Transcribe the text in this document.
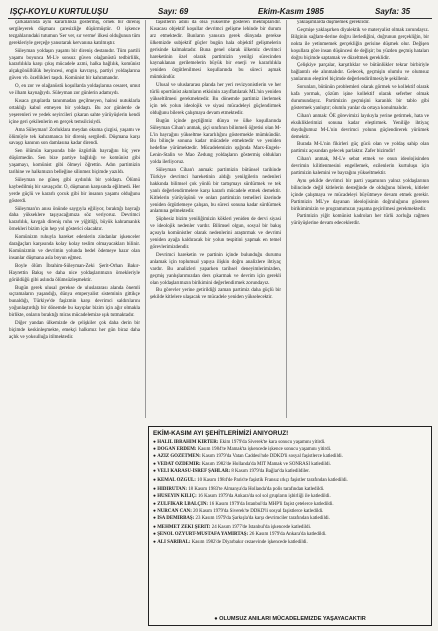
IŞÇI-KOYLU KURTULUŞU	Sayı: 69	Ekim-Kasım 1985	Sayfa: 35

çarkalarında aynı kararlılıkla göstermiş, örnek bir direniş sergileyerek düşmanı çaresizliğe düşürmüştür. O işkence tezgahlarındaki tutumun 'Ser ver, sır verme' ilkesi olduğunun tüm gerekleriyle gerçeğe yansıtarak kervanına katılmıştır.

Süleyman yoldaşın yaşamı bir direniş destanıdır. Tüm partili yaşamı boyunca M-L'e sonsuz güven olağanüstü tedbirlilik, kararlılıkla karşı çıkış mücadele azmi, halka bağlılık, komünist alçakgönüllülük beyincesi, engin kavrayış, partiyi yoldaşlarına güven vb. özellikleri taşıdı. Komünist bir kahramandır.

O, en zor ve olağanüstü koşullarda yoldaşlarına cesaret, umut ve ilham kaynağıydı. Süleyman zor günlerin adamıydı.

Kısaca gruplarda tanınmadan geçilmeyen, hainsi nutuklarla ortaklığı kabul etmeyen bir yoldaştı. Bu zor günlerde de yeşerenleri ve yedek seyircileri çıkaran sahte yürüyüşlerin kendi içine geri çekilenlerin en gerçek temsilcisiydi.

Ama Süleyman! Zorluklara meydan okuma çizgisi, yaşamı ve ölümüyle tek kahramanca bir direniş sergiledi. Düşmana karşı savaşçı kanının son damlasına kadar direndi.

Sen ölümün karşısında bile özgürlük bayrağını hiç yere düşürmedin. Sen bize partiye bağlılığı ve komünist gibi yaşamayı, komünist gibi ölmeyi öğrettin. Adın partimizin tarihine ve halkımızın belleğine silinmez biçimde yazıldı.

Süleyman ne güneş gibi aydınlık bir yoldaştı. Ölümü kaybedilmiş bir savaşçıdır. O, düşmanın karşısında eğilmedi. Her yerde güçlü ve kararlı çocuk gibi bir insanın yaşamı olduğunu gösterdi.

Süleyman'ın anısı önünde saygıyla eğiliyor, bıraktığı bayrağı daha yükseklere taşıyacağımıza söz veriyoruz. Devrimci kararlılık, kavgalı direniş ruhu ve yiğitliği, büyük kahramanlık örnekleri bizim için hep yol gösterici olacaktır.

Komünizm ruhuyla hareket edenlerin zindanlar işkenceler darağaçları karşısında kolay kolay teslim olmayacakları bilinir. Komünizmin ve devrimin yolunda bedel ödemeye hazır olan insanlar düşmana asla boyun eğmez.

Boyle ölüm İbrahim-Süleyman-Zeki Şerit-Orhan Bakır-Hayrettin Bakış ve daha nice yoldaşlarımızın örnekleriyle görüldüğü gibi aslında ölümsüzleşmektir.

Bugün gerek ulusal gerekse de uluslararası alanda önemli sıçramaların yaşandığı, dünya emperyalist sisteminin gittikçe bunaldığı, Türkiye'de faşizmin karşı devrimci saldırılarını yoğunlaştırdığı bir dönemde bu kayıplar bizim için ağır olmakla birlikte, onların bıraktığı miras mücadelemize ışık tutmaktadır.

Diğer yandan ülkemizde de çelişkiler çok daha derin bir biçimde keskinleşmekte, emekçi halkımız her gün biraz daha açlık ve yoksulluğa itilmektedir.

faşistlerin adını da olsa yükselme gösteren mektuplarıdır. Kısacası objektif koşullar devrimci gelişme lehinde bir durum arz etmektedir. Bunların yanısıra gerek dünyada gerekse ülkemizde subjektif güçler bugün hala objektif gelişmelerin gerisinde kalmaktadır. Buna genel olarak ülkemiz devrimci hareketinin özel olarak partimizin yenilgi sürecinden kaynaklanan gerilemelerin büyük bir enerji ve kararlılıkla yeniden örgütlenilmesi koşullarında bu süreci aşmak mümkündür.

Ulusal ve uluslararası planda her yeri revizyonistlerin ve her türlü oportünist akımların etkisinin zayıflatılarak ML'nin yeniden yükseltilmesi gerekmektedir. Bu dönemde partimiz ilerlemek için tek yolun ideolojik ve siyasi mücadeleyi güçlendirmek olduğunu bilerek çalışmaya devam etmektedir.

Bugün içinde geçtiğimiz dünya ve ülke koşullarında Süleyman Cihan'ı anmak, şiçi sınıfının bilinmeli öğretisi olan M-L'in bayrağını yükseltme kararlılığını göstermekle mümkündür. Bu bilinçle sonuna kadar mücadele etmektedir ve yeniden hedefine yürümektedir. Mücadelemizin ışığında Marx-Engels-Lenin-Stalin ve Mao Zedung yoldaşların göstermiş oldukları yolda ilerliyoruz.

Süleyman Cihan'ı anmak: partimizin bütünsel tarihinde Türkiye devrimci hareketinin aldığı yenilgilerin nedenleri hakkında bilimsel çok yönlü bir tartışmayı sürdürmek ve tek yanlı değerlendirmelere karşı kararlı mücadele etmek demektir. Kitlelerin yürüyüşünü ve onları partimizin temelleri üzerinde yeniden örgütlemeye çalışan, bu süreci sonuna kadar sürdürmek anlamına gelmektedir.

Şüphesiz bizim yeniliğimizin kökleri yeniden de dervi siyasi ve ideolojik nedenler vardır. Bilimsel olgun, sosyal bir bakış açısıyla komünistler olarak nedenlerini araştırmak ve devrimi yeniden ayağa kaldıracak bir yolun tespitini yapmak en temel görevlerimizdendir.

Devrimci hareketin ve partinin içinde bulunduğu durumu anlamak için toplumsal yapıya ilişkin doğru analizlere ihtiyaç vardır. Bu analizleri yaparken tarihsel deneyimlerimizden, geçmiş yanlışlarımızdan ders çıkarmak ve devrim için gerekli olan yoldaşlarımızın birikimini değerlendirmek zorundayız.

Bu görevler yerine getirildiği zaman partimiz daha güçlü bir şekilde kitlelere ulaşacak ve mücadele yeniden yükselecektir.

yaklaşımlarda düşmemek gereklidir.

Geçmişe yaklaşırken diyalektik ve materyalist olmak zorundayız. Bilginin sağlam-derine doğru ilerlediğini, doğrunun gerçekliğin, bir nokta ile yetinmemek gerçekliğin gerisine düşmek olur. Değişen koşullara göre insan düşüncesi de değişir; bu yüzden geçmiş hataları doğru biçimde saptamak ve düzeltmek gereklidir.

Çelişkiye parçalar, karşıtlıklar ve bütünlükler tekrar birbiriyle bağlantılı ele alınmalıdır. Gelecek, geçmişin olumlu ve olumsuz yanlarının eleştirel biçimde değerlendirilmesiyle şekillenir.

Sorunları, bütünün problemleri olarak görmek ve kollektif olarak kafa yormak, çözüm işine kollektif olarak seferber olmak durumundayız. Partimizin geçmişini karanlık bir tablo gibi göstermek yanlıştır; olumlu yanlar da ortaya konulmalıdır.

Cihan'ı anmak: ÖE görevimizi layıkıyla yerine getirmek, hata ve eksikliklerimizi sonuna kadar eleştirmek. Yeniliğe ihtiyaç duyduğumuz M-L'nin devrimci yolunu güçlendirerek yürümek demektir.

Burada M-L'nin fikirleri güç gücü olan ve yoldaş sahip olan partimiz açısından gelecek parlaktır. Zafer bizimdir!

Cihan'ı anmak, M-L'e sebat etmek ve onun ideolojisinden devrimin kilitlenmesini engellemek, ezilenlerin kurtuluşu için partimizin kalemini ve bayrağını yükseltmektir.

Aynı şekilde devrimci bir parti yaşamının yalnız yoldaşlarının bilincinde değil kitlelerin desteğinde de olduğunu bilerek, kitleler içinde çalışmaya ve mücadeleyi büyütmeye devam etmek gerekir. Partimizin ML'ye dayanan ideolojisinin doğruluğunu gösteren birikimimizin ve programımızın yaşama geçirilmesi gerekmektedir.

Partimizin yiğit komünist kadroları her türlü zorluğa rağmen yürüyüşlerine devam edeceklerdir.

EKİM-KASIM AYI ŞEHİTLERİMİZİ ANIYORUZ!
● HALIL IBRAHIM KIRTER: Ekim 1979'da Siverek'te kara sonucu yaşamını yitirdi.
● DOĞAN ERDEM: Kasım 1984'te Mamak'ta işkencede işkence sonucu yaşamını yitirdi.
● AZIZ GÖZETMEN: Kasım 1979'da Vatan Caddesi'nde DDKD'li sosyal faşistlerce katledildi.
● VEDAT ÖZDEMIR: Kasım 1982'de Hollanda'da MIT Mamak ve SONRASI katledildi.
● VELI KARASU-İSREF ŞAHLAR: 8 Kasım 1979'da Bağlar'da katledildiler.
● KEMAL ÖZGÜL: 10 Kasım 1984'de Paris'te faşistik Fransız ırkçı faşistler tarafından katledildi.
● HIDIRUTAN: 18 Kasım 1983'te Almanya'da Hollanda'da polis tarafından katledildi.
● HÜSEYIN KILIÇ: 16 Kasım 1979'da Ankara'da sol sol grupların işbirliği ile katledildi.
● ZÜLFİKAR İ.BALÇIN: 16 Kasım 1979'da İstanbul'da MHP'li faşist çetelerce katledildi.
● NURCAN CAN: 20 Kasım 1979'da Siverek'te DDKD'li sosyal faşistlerce katledildi.
● İSA DEMIRBAŞ: 23 Kasım 1979'da Şarkışla'da karşı devrimciler tarafından katledildi.
● MEHMET ZEKI ŞERIT: 24 Kasım 1977'de İstanbul'da işkencede katledildi.
● ŞENOL OZYURT-MUSTAFA YAMIRTAŞ: 26 Kasım 1979'da Ankara'da katledildi.
● ALI SARIBAL: Kasım 1982'de Diyarbakır cezaevinde işkencede katledildi.
● OLUMSUZ ANILARI MÜCADELEMIZDE YAŞAYACAKTIR
